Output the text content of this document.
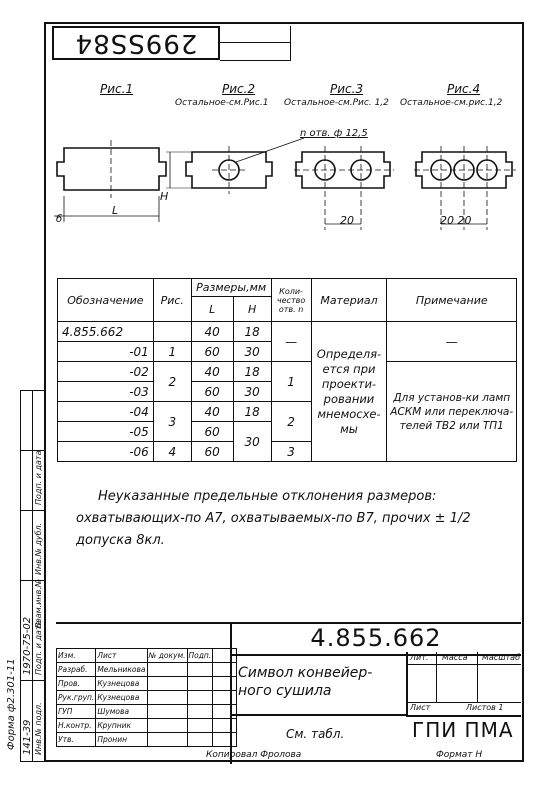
299SS84
Рис.1	Рис.2
Остальное-см.Рис.1
Рис.3
Остальное-см.Рис. 1,2
Рис.4
Остальное-см.рис.1,2
n отв. ф 12,5
L
H
б	20	20 20
Обозначение	Рис.	Размеры,мм		Коли-чество отв. n	Материал	Примечание
		L	H			
4.855.662		40	18	—	Определя-ется при проекти-ровании мнемосхе-мы	—
-01	1	60	30			
-02	2	40	18	1		Для установ-ки ламп АСКМ или переключа-телей ТВ2 или ТП1
-03		60	30			
-04	3	40	18	2		
-05		60	30			
-06	4	60		3		
Неуказанные предельные отклонения размеров: охватывающих-по А7, охватываемых-по В7, прочих ± 1/2 допуска 8кл.
Подп. и дата
Инв.№ дубл.
Взам.инв.№
Подп. и дата
1970-75-02
Инв.№ подл.
141-39
Форма ф2.301-11
4.855.662
Символ конвейер-ного сушила
См. табл.
Лит. Масса Масштаб
Лист	Листов 1
ГПИ ПМА
Копировал Фролова	Формат Н
Изм.	Лист	№ докум.	Подп.	
Разраб.	Мельникова			
Пров.	Кузнецова			
Рук.груп.	Кузнецова			
ГУП	Шумова			
Н.контр.	Крупник			
Утв.	Пронин			
